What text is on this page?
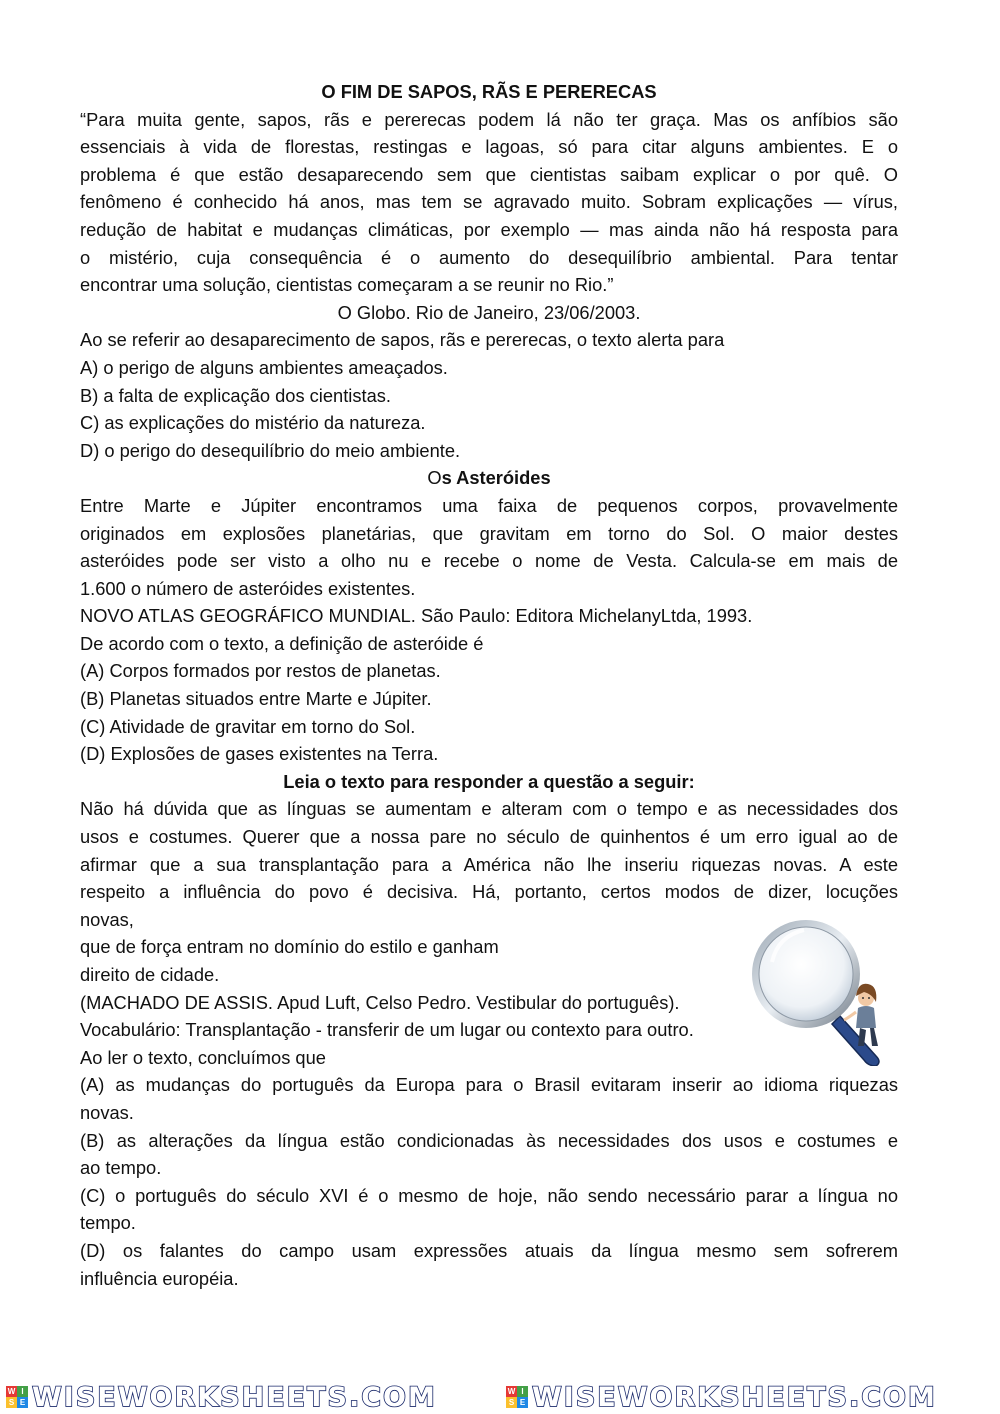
O FIM DE SAPOS, RÃS E PERERECAS

“Para muita gente, sapos, rãs e pererecas podem lá não ter graça. Mas os anfíbios são

essenciais à vida de florestas, restingas e lagoas, só para citar alguns ambientes. E o

problema é que estão desaparecendo sem que cientistas saibam explicar o por quê. O

fenômeno é conhecido há anos, mas tem se agravado muito. Sobram explicações — vírus,

redução de habitat e mudanças climáticas, por exemplo — mas ainda não há resposta para

o mistério, cuja consequência é o aumento do desequilíbrio ambiental. Para tentar

encontrar uma solução, cientistas começaram a se reunir no Rio.”

O Globo. Rio de Janeiro, 23/06/2003.

Ao se referir ao desaparecimento de sapos, rãs e pererecas, o texto alerta para

A) o perigo de alguns ambientes ameaçados.

B) a falta de explicação dos cientistas.

C) as explicações do mistério da natureza.

D) o perigo do desequilíbrio do meio ambiente.

Os Asteróides

Entre Marte e Júpiter encontramos uma faixa de pequenos corpos, provavelmente

originados em explosões planetárias, que gravitam em torno do Sol. O maior destes

asteróides pode ser visto a olho nu e recebe o nome de Vesta. Calcula-se em mais de

1.600 o número de asteróides existentes.

NOVO ATLAS GEOGRÁFICO MUNDIAL. São Paulo: Editora MichelanyLtda, 1993.

De acordo com o texto, a definição de asteróide é

(A) Corpos formados por restos de planetas.

(B) Planetas situados entre Marte e Júpiter.

(C) Atividade de gravitar em torno do Sol.

(D) Explosões de gases existentes na Terra.

Leia o texto para responder a questão a seguir:

Não há dúvida que as línguas se aumentam e alteram com o tempo e as necessidades dos

usos e costumes. Querer que a nossa pare no século de quinhentos é um erro igual ao de

afirmar que a sua transplantação para a América não lhe inseriu riquezas novas. A este

respeito a influência do povo é decisiva. Há, portanto, certos modos de dizer, locuções

novas,

que de força entram no domínio do estilo e ganham

direito de cidade.

(MACHADO DE ASSIS. Apud Luft, Celso Pedro. Vestibular do português).

Vocabulário: Transplantação - transferir de um lugar ou contexto para outro.

Ao ler o texto, concluímos que

(A) as mudanças do português da Europa para o Brasil evitaram inserir ao idioma riquezas

novas.

(B) as alterações da língua estão condicionadas às necessidades dos usos e costumes e

ao tempo.

(C) o português do século XVI é o mesmo de hoje, não sendo necessário parar a língua no

tempo.

(D) os falantes do campo usam expressões atuais da língua mesmo sem sofrerem

influência européia.

W I
S E WISEWORKSHEETS.COM	W I
S E WISEWORKSHEETS.COM
